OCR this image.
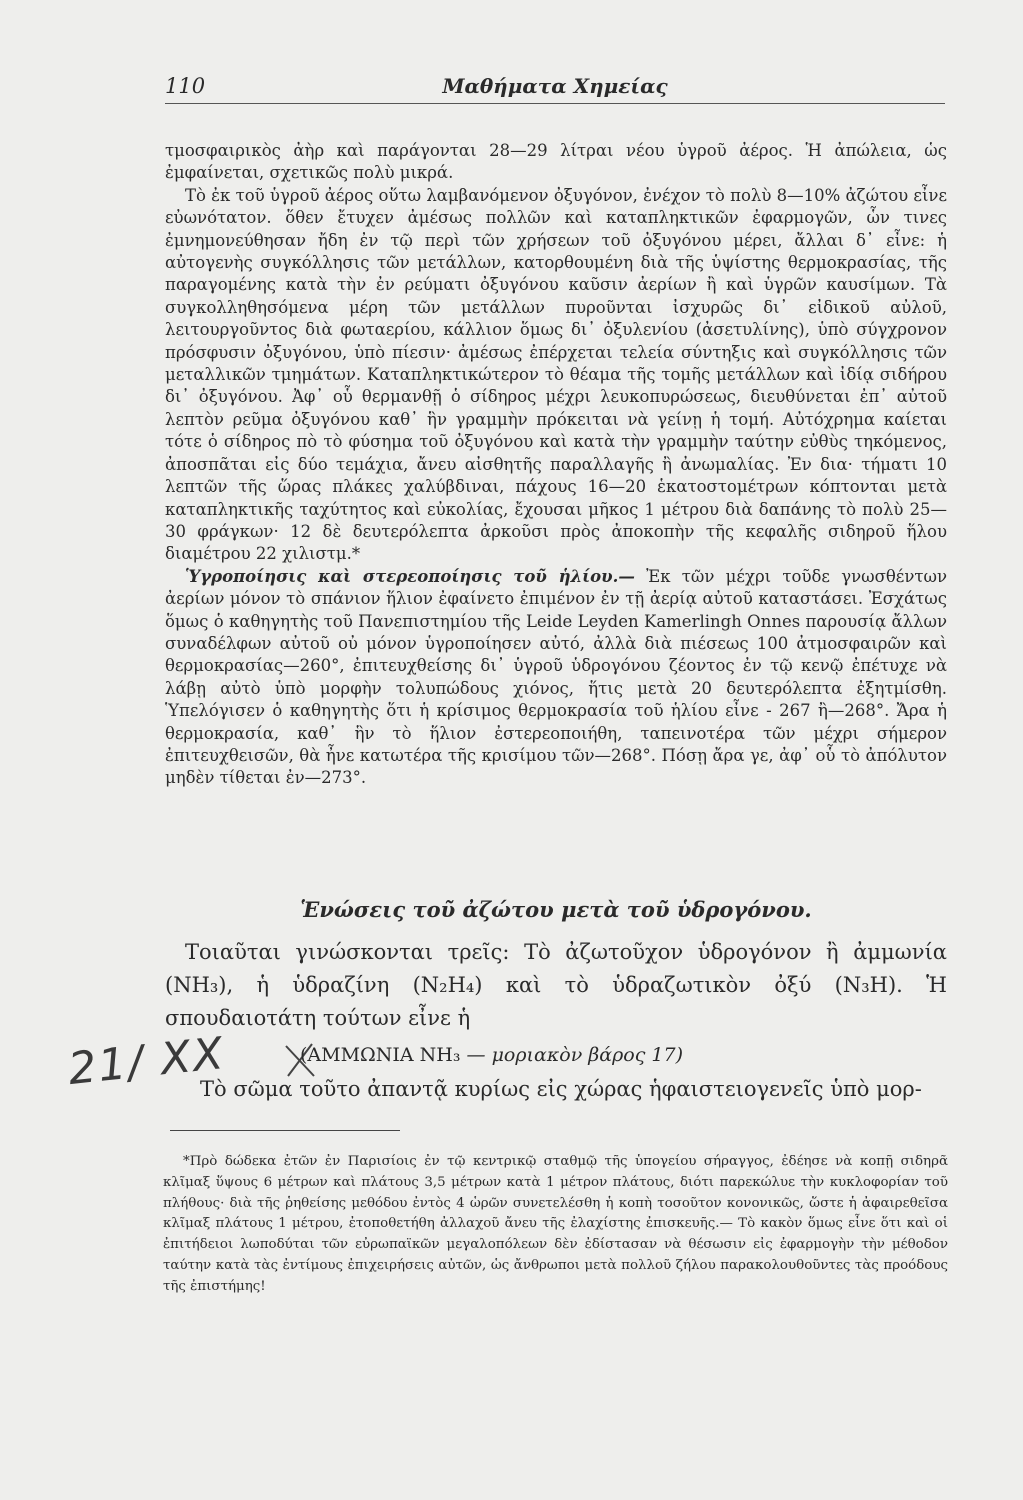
110	Μαθήματα Χημείας

τμοσφαιρικὸς ἀὴρ καὶ παράγονται 28—29 λίτραι νέου ὑγροῦ ἀέρος. Ἡ ἀπώλεια, ὡς ἐμφαίνεται, σχετικῶς πολὺ μικρά.

Τὸ ἐκ τοῦ ὑγροῦ ἀέρος οὕτω λαμβανόμενον ὀξυγόνον, ἐνέχον τὸ πολὺ 8—10% ἀζώτου εἶνε εὐωνότατον. ὅθεν ἔτυχεν ἀμέσως πολλῶν καὶ καταπληκτικῶν ἐφαρμογῶν, ὧν τινες ἐμνημονεύθησαν ἤδη ἐν τῷ περὶ τῶν χρήσεων τοῦ ὀξυγόνου μέρει, ἄλλαι δ᾽ εἶνε: ἡ αὐτογενὴς συγκόλλησις τῶν μετάλλων, κατορθουμένη διὰ τῆς ὑψίστης θερμοκρασίας, τῆς παραγομένης κατὰ τὴν ἐν ρεύματι ὀξυγόνου καῦσιν ἀερίων ἢ καὶ ὑγρῶν καυσίμων. Τὰ συγκολληθησόμενα μέρη τῶν μετάλλων πυροῦνται ἰσχυρῶς δι᾽ εἰδικοῦ αὐλοῦ, λειτουργοῦντος διὰ φωταερίου, κάλλιον ὅμως δι᾽ ὀξυλενίου (ἀσετυλίνης), ὑπὸ σύγχρονον πρόσφυσιν ὀξυγόνου, ὑπὸ πίεσιν· ἀμέσως ἐπέρχεται τελεία σύντηξις καὶ συγκόλλησις τῶν μεταλλικῶν τμημάτων. Καταπληκτικώτερον τὸ θέαμα τῆς τομῆς μετάλλων καὶ ἰδίᾳ σιδήρου δι᾽ ὀξυγόνου. Ἀφ᾽ οὗ θερμανθῇ ὁ σίδηρος μέχρι λευκοπυρώσεως, διευθύνεται ἐπ᾽ αὐτοῦ λεπτὸν ρεῦμα ὀξυγόνου καθ᾽ ἣν γραμμὴν πρόκειται νὰ γείνῃ ἡ τομή. Αὐτόχρημα καίεται τότε ὁ σίδηρος πὸ τὸ φύσημα τοῦ ὀξυγόνου καὶ κατὰ τὴν γραμμὴν ταύτην εὐθὺς τηκόμενος, ἀποσπᾶται εἰς δύο τεμάχια, ἄνευ αἰσθητῆς παραλλαγῆς ἢ ἀνωμαλίας. Ἐν δια· τήματι 10 λεπτῶν τῆς ὥρας πλάκες χαλύβδιναι, πάχους 16—20 ἑκατοστομέτρων κόπτονται μετὰ καταπληκτικῆς ταχύτητος καὶ εὐκολίας, ἔχουσαι μῆκος 1 μέτρου διὰ δαπάνης τὸ πολὺ 25—30 φράγκων· 12 δὲ δευτερόλεπτα ἀρκοῦσι πρὸς ἀποκοπὴν τῆς κεφαλῆς σιδηροῦ ἥλου διαμέτρου 22 χιλιστμ.*

Ὑγροποίησις καὶ στερεοποίησις τοῦ ἡλίου.— Ἐκ τῶν μέχρι τοῦδε γνωσθέντων ἀερίων μόνον τὸ σπάνιον ἥλιον ἐφαίνετο ἐπιμένον ἐν τῇ ἀερίᾳ αὐτοῦ καταστάσει. Ἐσχάτως ὅμως ὁ καθηγητὴς τοῦ Πανεπιστημίου τῆς Leide Leyden Kamerlingh Onnes παρουσίᾳ ἄλλων συναδέλφων αὐτοῦ οὐ μόνον ὑγροποίησεν αὐτό, ἀλλὰ διὰ πιέσεως 100 ἀτμοσφαιρῶν καὶ θερμοκρασίας—260°, ἐπιτευχθείσης δι᾽ ὑγροῦ ὑδρογόνου ζέοντος ἐν τῷ κενῷ ἐπέτυχε νὰ λάβῃ αὐτὸ ὑπὸ μορφὴν τολυπώδους χιόνος, ἥτις μετὰ 20 δευτερόλεπτα ἐξητμίσθη. Ὑπελόγισεν ὁ καθηγητὴς ὅτι ἡ κρίσιμος θερμοκρασία τοῦ ἡλίου εἶνε - 267 ἢ—268°. Ἄρα ἡ θερμοκρασία, καθ᾽ ἣν τὸ ἥλιον ἐστερεοποιήθη, ταπεινοτέρα τῶν μέχρι σήμερον ἐπιτευχθεισῶν, θὰ ἦνε κατωτέρα τῆς κρισίμου τῶν—268°. Πόσῃ ἄρα γε, ἀφ᾽ οὗ τὸ ἀπόλυτον μηδὲν τίθεται ἐν—273°.

Ἑνώσεις τοῦ ἀζώτου μετὰ τοῦ ὑδρογόνου.

Τοιαῦται γινώσκονται τρεῖς: Τὸ ἀζωτοῦχον ὑδρογόνον ἢ ἀμμωνία (NH₃), ἡ ὑδραζίνη (N₂H₄) καὶ τὸ ὑδραζωτικὸν ὀξύ (N₃H). Ἡ σπουδαιοτάτη τούτων εἶνε ἡ

21/ XX	(ΑΜΜΩΝΙΑ NH₃ — μοριακὸν βάρος 17)
Τὸ σῶμα τοῦτο ἀπαντᾷ κυρίως εἰς χώρας ἡφαιστειογενεῖς ὑπὸ μορ-

*Πρὸ δώδεκα ἐτῶν ἐν Παρισίοις ἐν τῷ κεντρικῷ σταθμῷ τῆς ὑπογείου σήραγγος, ἐδέησε νὰ κοπῇ σιδηρᾶ κλῖμαξ ὕψους 6 μέτρων καὶ πλάτους 3,5 μέτρων κατὰ 1 μέτρον πλάτους, διότι παρεκώλυε τὴν κυκλοφορίαν τοῦ πλήθους· διὰ τῆς ῥηθείσης μεθόδου ἐντὸς 4 ὡρῶν συνετελέσθη ἡ κοπὴ τοσοῦτον κονονικῶς, ὥστε ἡ ἀφαιρεθεῖσα κλῖμαξ πλάτους 1 μέτρου, ἐτοποθετήθη ἀλλαχοῦ ἄνευ τῆς ἐλαχίστης ἐπισκευῆς.— Τὸ κακὸν ὅμως εἶνε ὅτι καὶ οἱ ἐπιτήδειοι λωποδύται τῶν εὐρωπαϊκῶν μεγαλοπόλεων δὲν ἐδίστασαν νὰ θέσωσιν εἰς ἐφαρμογὴν τὴν μέθοδον ταύτην κατὰ τὰς ἐντίμους ἐπιχειρήσεις αὐτῶν, ὡς ἄνθρωποι μετὰ πολλοῦ ζήλου παρακολουθοῦντες τὰς προόδους τῆς ἐπιστήμης!
